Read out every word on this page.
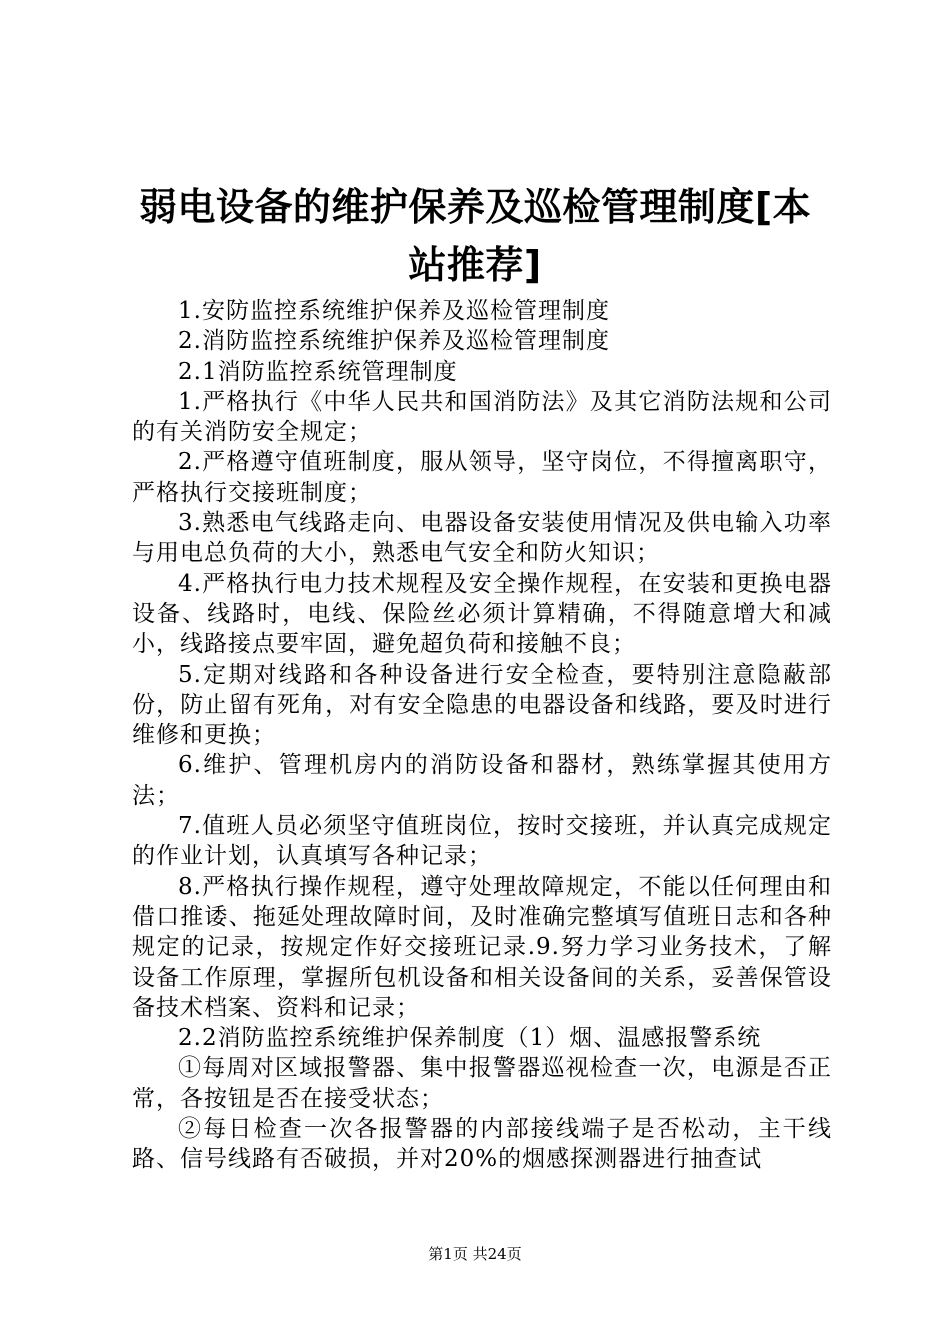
弱电设备的维护保养及巡检管理制度[本站推荐]

1.安防监控系统维护保养及巡检管理制度

2.消防监控系统维护保养及巡检管理制度

2.1消防监控系统管理制度

1.严格执行《中华人民共和国消防法》及其它消防法规和公司的有关消防安全规定；

2.严格遵守值班制度，服从领导，坚守岗位，不得擅离职守，严格执行交接班制度；

3.熟悉电气线路走向、电器设备安装使用情况及供电输入功率与用电总负荷的大小，熟悉电气安全和防火知识；

4.严格执行电力技术规程及安全操作规程，在安装和更换电器设备、线路时，电线、保险丝必须计算精确，不得随意增大和减小，线路接点要牢固，避免超负荷和接触不良；

5.定期对线路和各种设备进行安全检查，要特别注意隐蔽部份，防止留有死角，对有安全隐患的电器设备和线路，要及时进行维修和更换；

6.维护、管理机房内的消防设备和器材，熟练掌握其使用方法；

7.值班人员必须坚守值班岗位，按时交接班，并认真完成规定的作业计划，认真填写各种记录；

8.严格执行操作规程，遵守处理故障规定，不能以任何理由和借口推诿、拖延处理故障时间，及时准确完整填写值班日志和各种规定的记录，按规定作好交接班记录.9.努力学习业务技术，了解设备工作原理，掌握所包机设备和相关设备间的关系，妥善保管设备技术档案、资料和记录；

2.2消防监控系统维护保养制度（1）烟、温感报警系统

①每周对区域报警器、集中报警器巡视检查一次，电源是否正常，各按钮是否在接受状态；

②每日检查一次各报警器的内部接线端子是否松动，主干线路、信号线路有否破损，并对20%的烟感探测器进行抽查试

第1页 共24页
